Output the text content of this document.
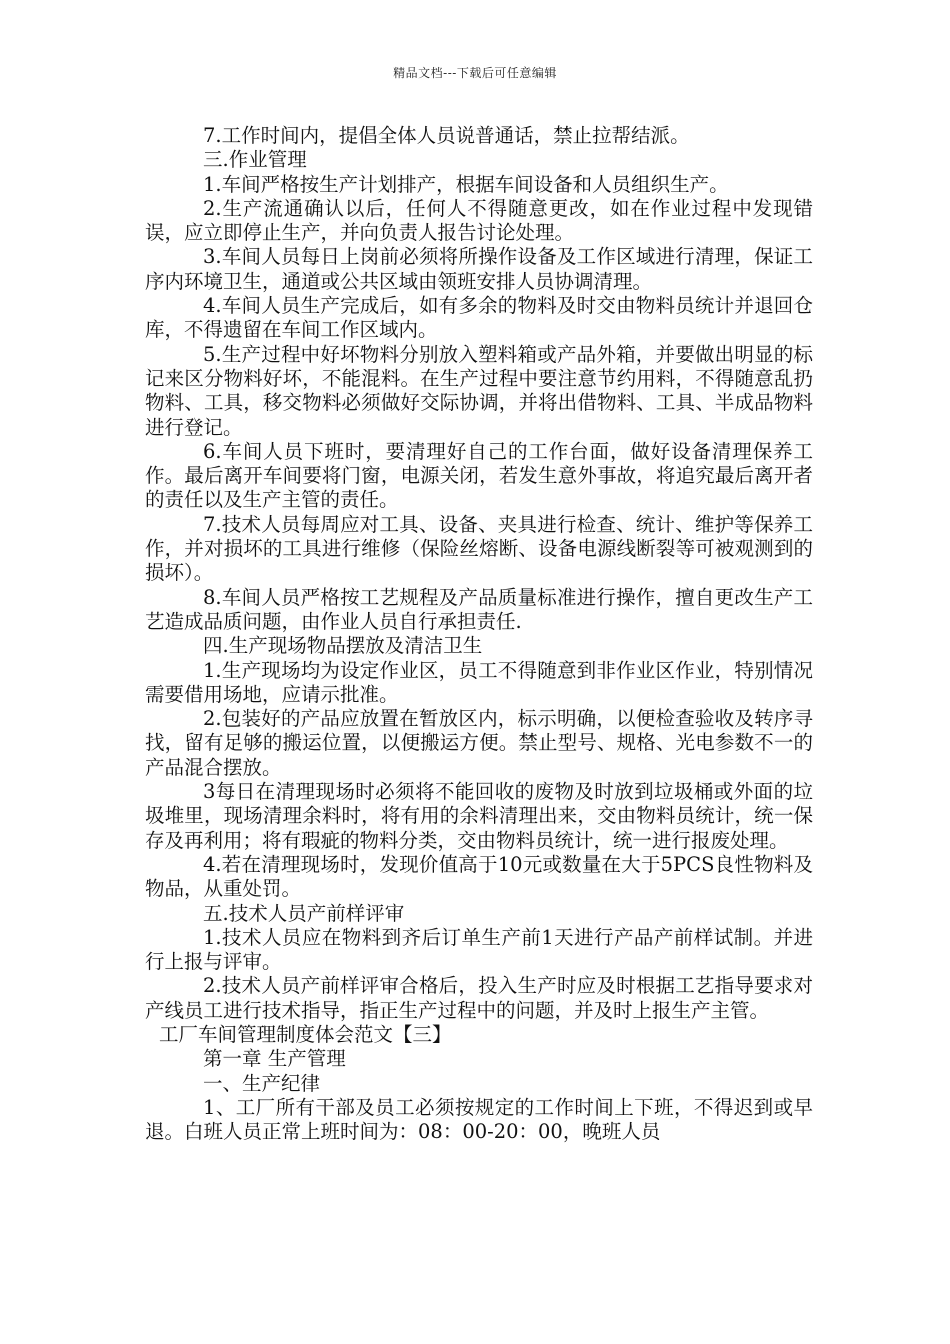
精品文档---下载后可任意编辑

7.工作时间内，提倡全体人员说普通话，禁止拉帮结派。

三.作业管理

1.车间严格按生产计划排产，根据车间设备和人员组织生产。

2.生产流通确认以后，任何人不得随意更改，如在作业过程中发现错误，应立即停止生产，并向负责人报告讨论处理。

3.车间人员每日上岗前必须将所操作设备及工作区域进行清理，保证工序内环境卫生，通道或公共区域由领班安排人员协调清理。

4.车间人员生产完成后，如有多余的物料及时交由物料员统计并退回仓库，不得遗留在车间工作区域内。

5.生产过程中好坏物料分别放入塑料箱或产品外箱，并要做出明显的标记来区分物料好坏，不能混料。在生产过程中要注意节约用料，不得随意乱扔物料、工具，移交物料必须做好交际协调，并将出借物料、工具、半成品物料进行登记。

6.车间人员下班时，要清理好自己的工作台面，做好设备清理保养工作。最后离开车间要将门窗，电源关闭，若发生意外事故，将追究最后离开者的责任以及生产主管的责任。

7.技术人员每周应对工具、设备、夹具进行检查、统计、维护等保养工作，并对损坏的工具进行维修（保险丝熔断、设备电源线断裂等可被观测到的损坏）。

8.车间人员严格按工艺规程及产品质量标准进行操作，擅自更改生产工艺造成品质问题，由作业人员自行承担责任.

四.生产现场物品摆放及清洁卫生

1.生产现场均为设定作业区，员工不得随意到非作业区作业，特别情况需要借用场地，应请示批准。

2.包装好的产品应放置在暂放区内，标示明确，以便检查验收及转序寻找，留有足够的搬运位置，以便搬运方便。禁止型号、规格、光电参数不一的产品混合摆放。

3每日在清理现场时必须将不能回收的废物及时放到垃圾桶或外面的垃圾堆里，现场清理余料时，将有用的余料清理出来，交由物料员统计，统一保存及再利用；将有瑕疵的物料分类，交由物料员统计，统一进行报废处理。

4.若在清理现场时，发现价值高于10元或数量在大于5PCS良性物料及物品，从重处罚。

五.技术人员产前样评审

1.技术人员应在物料到齐后订单生产前1天进行产品产前样试制。并进行上报与评审。

2.技术人员产前样评审合格后，投入生产时应及时根据工艺指导要求对产线员工进行技术指导，指正生产过程中的问题，并及时上报生产主管。

工厂车间管理制度体会范文【三】

第一章 生产管理

一、生产纪律

1、工厂所有干部及员工必须按规定的工作时间上下班，不得迟到或早退。白班人员正常上班时间为：08：00-20：00，晚班人员
